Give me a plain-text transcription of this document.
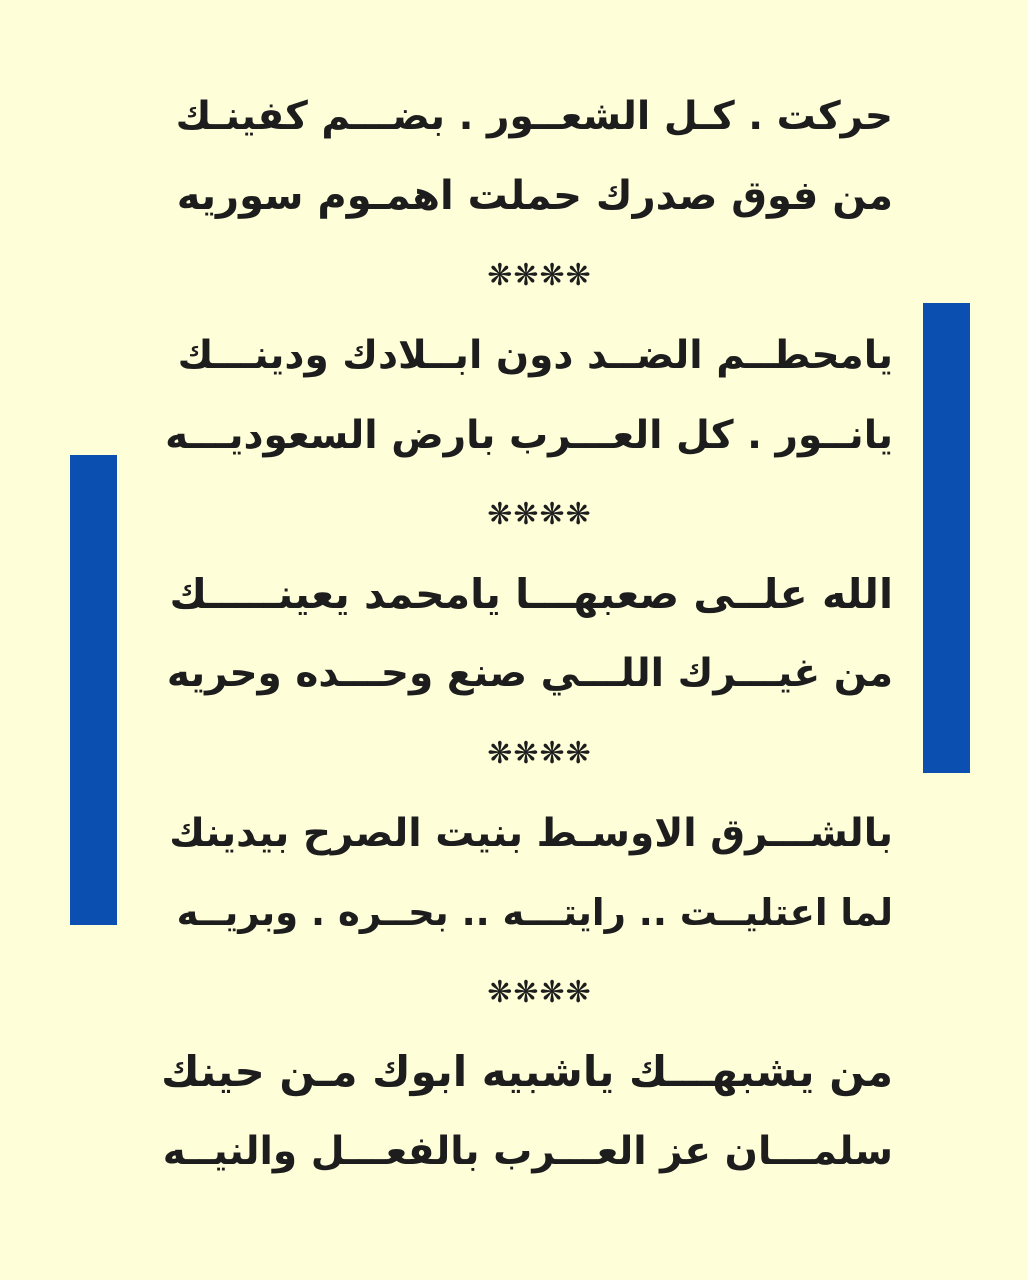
حركت . كـل الشعــور . بضـــم كفينـك
من فوق صدرك حملت اهمـوم سوريه
❋❋❋❋
يامحطــم الضــد دون ابــلادك ودينـــك
يانــور . كل العـــرب بارض السعوديـــه
❋❋❋❋
الله علــى صعبهـــا يامحمد يعينـــــك
من غيـــرك اللـــي صنع وحـــده وحريه
❋❋❋❋
بالشـــرق الاوسـط بنيت الصرح بيدينك
لما اعتليــت .. رايتـــه .. بحــره . وبريــه
❋❋❋❋
من يشبهـــك ياشبيه ابوك مـن حينك
سلمـــان عز العـــرب بالفعـــل والنيــه
